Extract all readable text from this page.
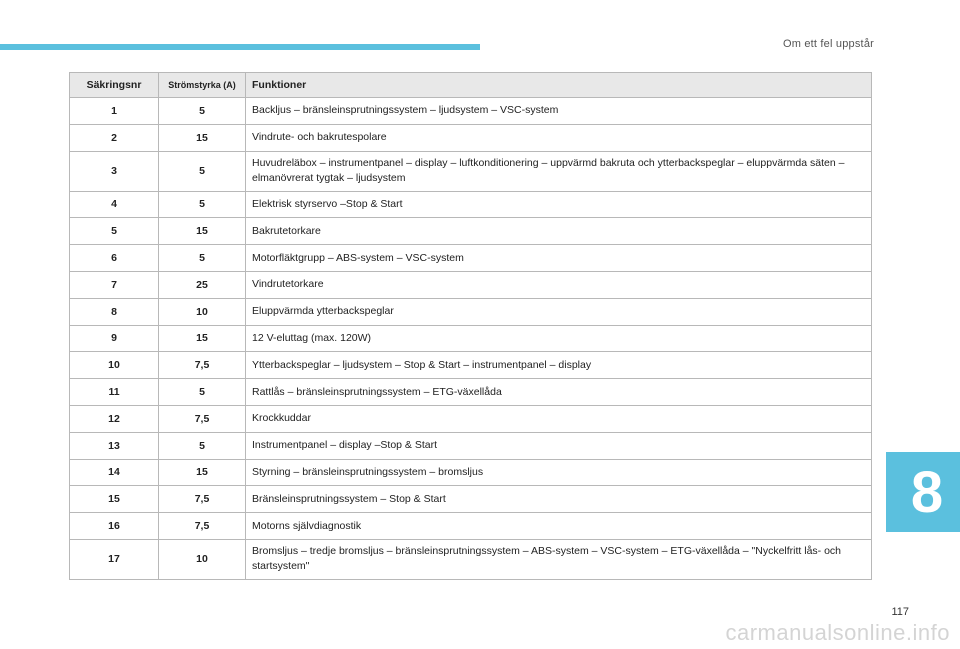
Om ett fel uppstår
Säkringsnr	Strömstyrka (A)	Funktioner
1	5	Backljus – bränsleinsprutningssystem – ljudsystem – VSC-system
2	15	Vindrute- och bakrutespolare
3	5	Huvudreläbox – instrumentpanel – display – luftkonditionering – uppvärmd bakruta och ytterbackspeglar – eluppvärmda säten – elmanövrerat tygtak – ljudsystem
4	5	Elektrisk styrservo –Stop & Start
5	15	Bakrutetorkare
6	5	Motorfläktgrupp – ABS-system – VSC-system
7	25	Vindrutetorkare
8	10	Eluppvärmda ytterbackspeglar
9	15	12 V-eluttag (max. 120W)
10	7,5	Ytterbackspeglar – ljudsystem – Stop & Start – instrumentpanel – display
11	5	Rattlås – bränsleinsprutningssystem – ETG-växellåda
12	7,5	Krockkuddar
13	5	Instrumentpanel – display –Stop & Start
14	15	Styrning – bränsleinsprutningssystem – bromsljus
15	7,5	Bränsleinsprutningssystem – Stop & Start
16	7,5	Motorns självdiagnostik
17	10	Bromsljus – tredje bromsljus – bränsleinsprutningssystem – ABS-system – VSC-system – ETG-växellåda – "Nyckelfritt lås- och startsystem"
8
117
carmanualsonline.info
